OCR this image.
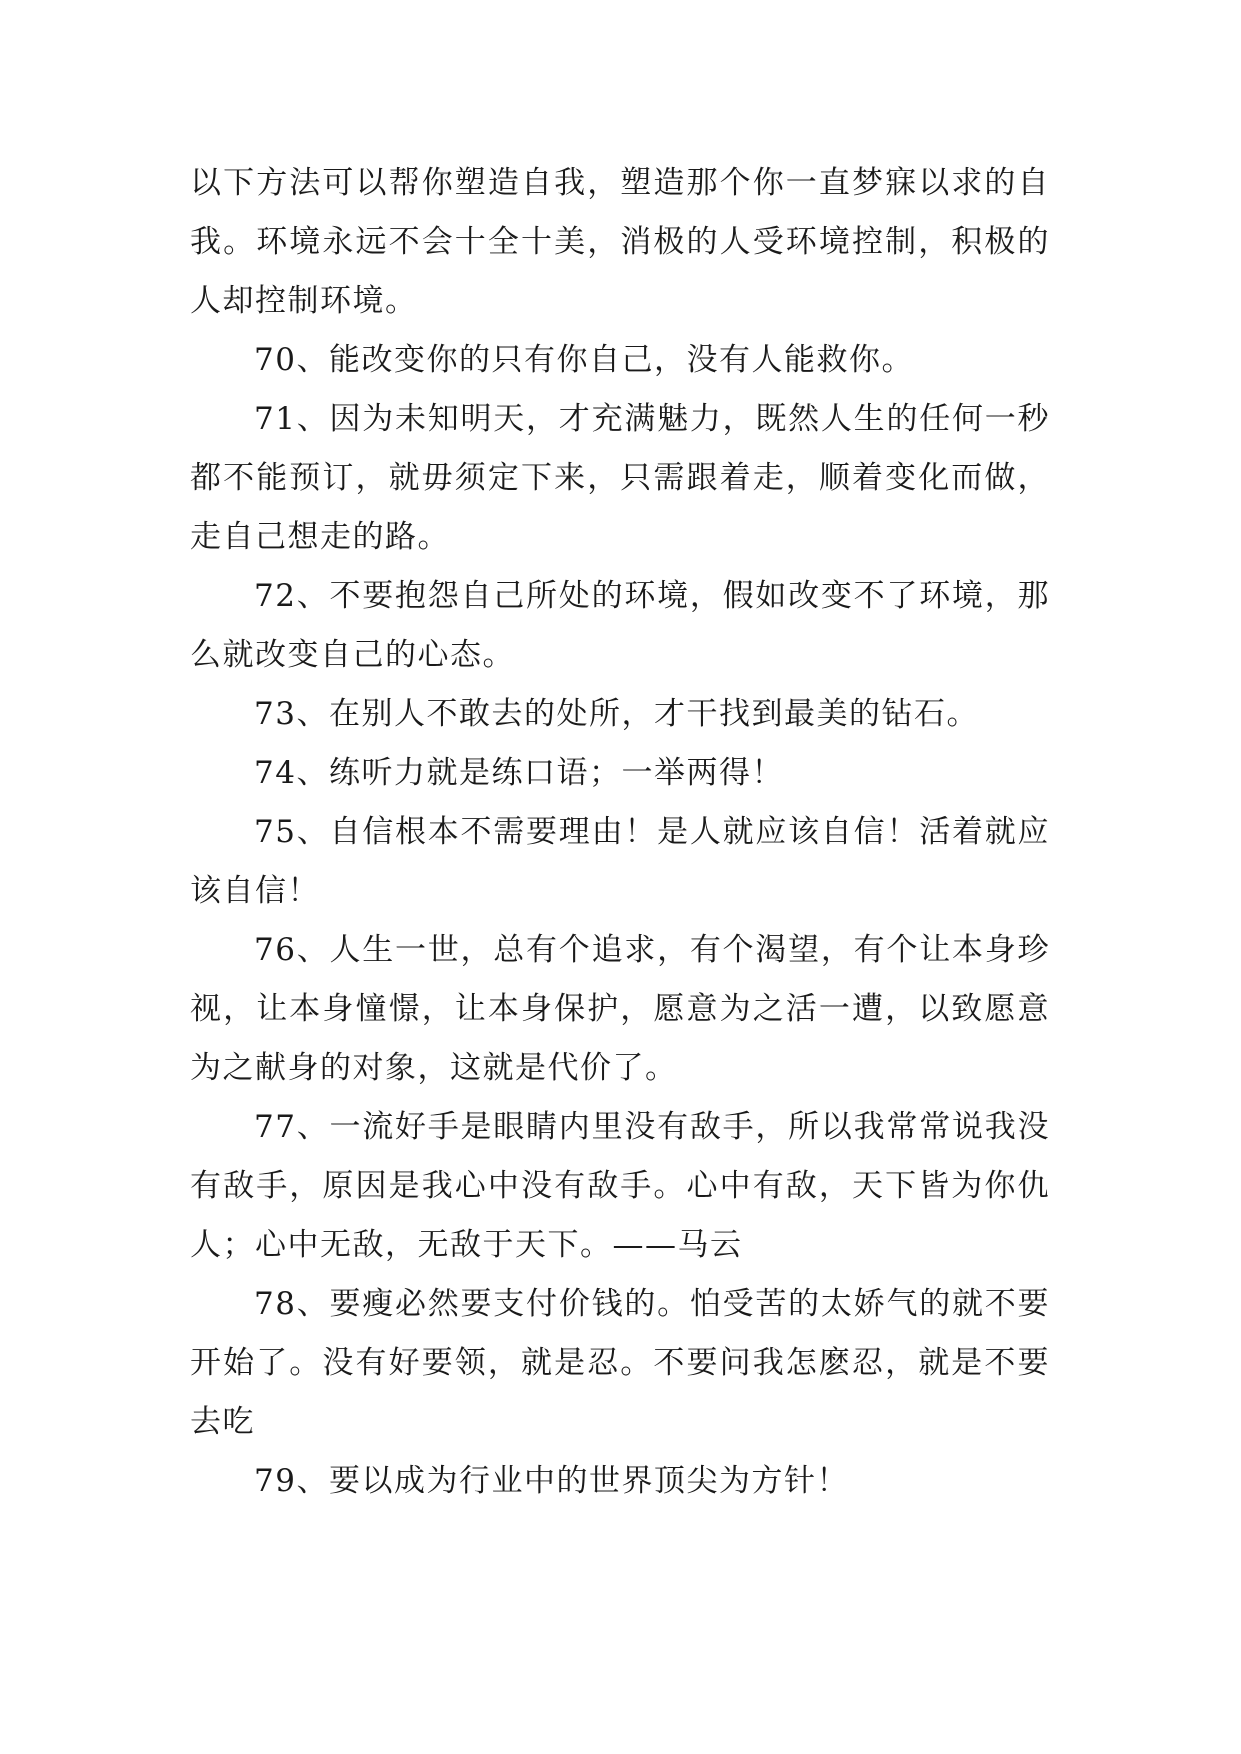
以下方法可以帮你塑造自我，塑造那个你一直梦寐以求的自我。环境永远不会十全十美，消极的人受环境控制，积极的人却控制环境。

70、能改变你的只有你自己，没有人能救你。

71、因为未知明天，才充满魅力，既然人生的任何一秒都不能预订，就毋须定下来，只需跟着走，顺着变化而做，走自己想走的路。

72、不要抱怨自己所处的环境，假如改变不了环境，那么就改变自己的心态。

73、在别人不敢去的处所，才干找到最美的钻石。

74、练听力就是练口语；一举两得！

75、自信根本不需要理由！是人就应该自信！活着就应该自信！

76、人生一世，总有个追求，有个渴望，有个让本身珍视，让本身憧憬，让本身保护，愿意为之活一遭，以致愿意为之献身的对象，这就是代价了。

77、一流好手是眼睛内里没有敌手，所以我常常说我没有敌手，原因是我心中没有敌手。心中有敌，天下皆为你仇人；心中无敌，无敌于天下。——马云

78、要瘦必然要支付价钱的。怕受苦的太娇气的就不要开始了。没有好要领，就是忍。不要问我怎麽忍，就是不要去吃

79、要以成为行业中的世界顶尖为方针！
